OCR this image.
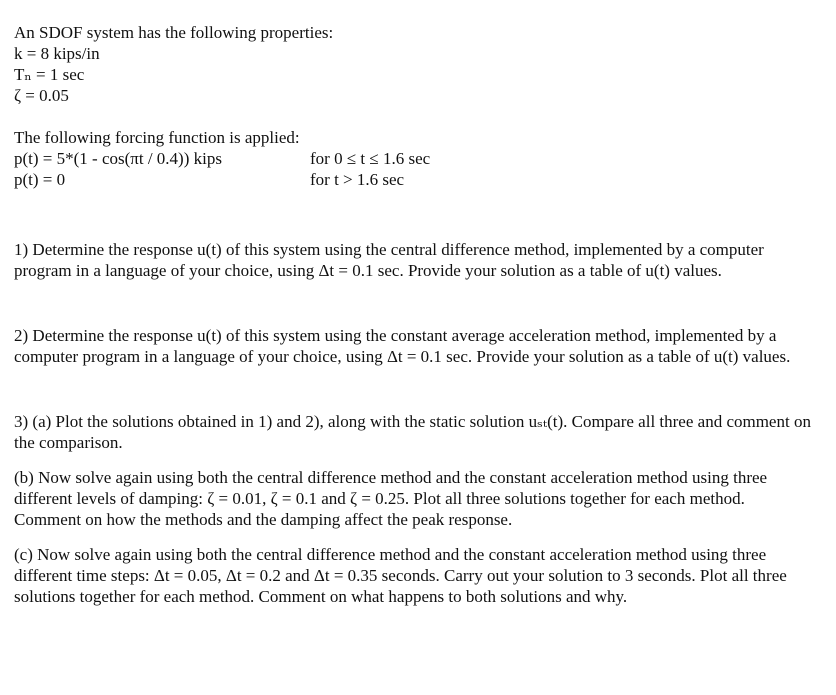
An SDOF system has the following properties:
k = 8 kips/in
Tₙ = 1 sec
ζ = 0.05
The following forcing function is applied:
p(t) = 5*(1 - cos(πt / 0.4)) kips	for 0 ≤ t ≤ 1.6 sec
p(t) = 0	for t > 1.6 sec
1) Determine the response u(t) of this system using the central difference method, implemented by a computer program in a language of your choice, using Δt = 0.1 sec. Provide your solution as a table of u(t) values.
2) Determine the response u(t) of this system using the constant average acceleration method, implemented by a computer program in a language of your choice, using Δt = 0.1 sec. Provide your solution as a table of u(t) values.
3) (a) Plot the solutions obtained in 1) and 2), along with the static solution uₛₜ(t). Compare all three and comment on the comparison.
(b) Now solve again using both the central difference method and the constant acceleration method using three different levels of damping: ζ = 0.01, ζ = 0.1 and ζ = 0.25. Plot all three solutions together for each method. Comment on how the methods and the damping affect the peak response.
(c) Now solve again using both the central difference method and the constant acceleration method using three different time steps: Δt = 0.05, Δt = 0.2 and Δt = 0.35 seconds. Carry out your solution to 3 seconds. Plot all three solutions together for each method. Comment on what happens to both solutions and why.
